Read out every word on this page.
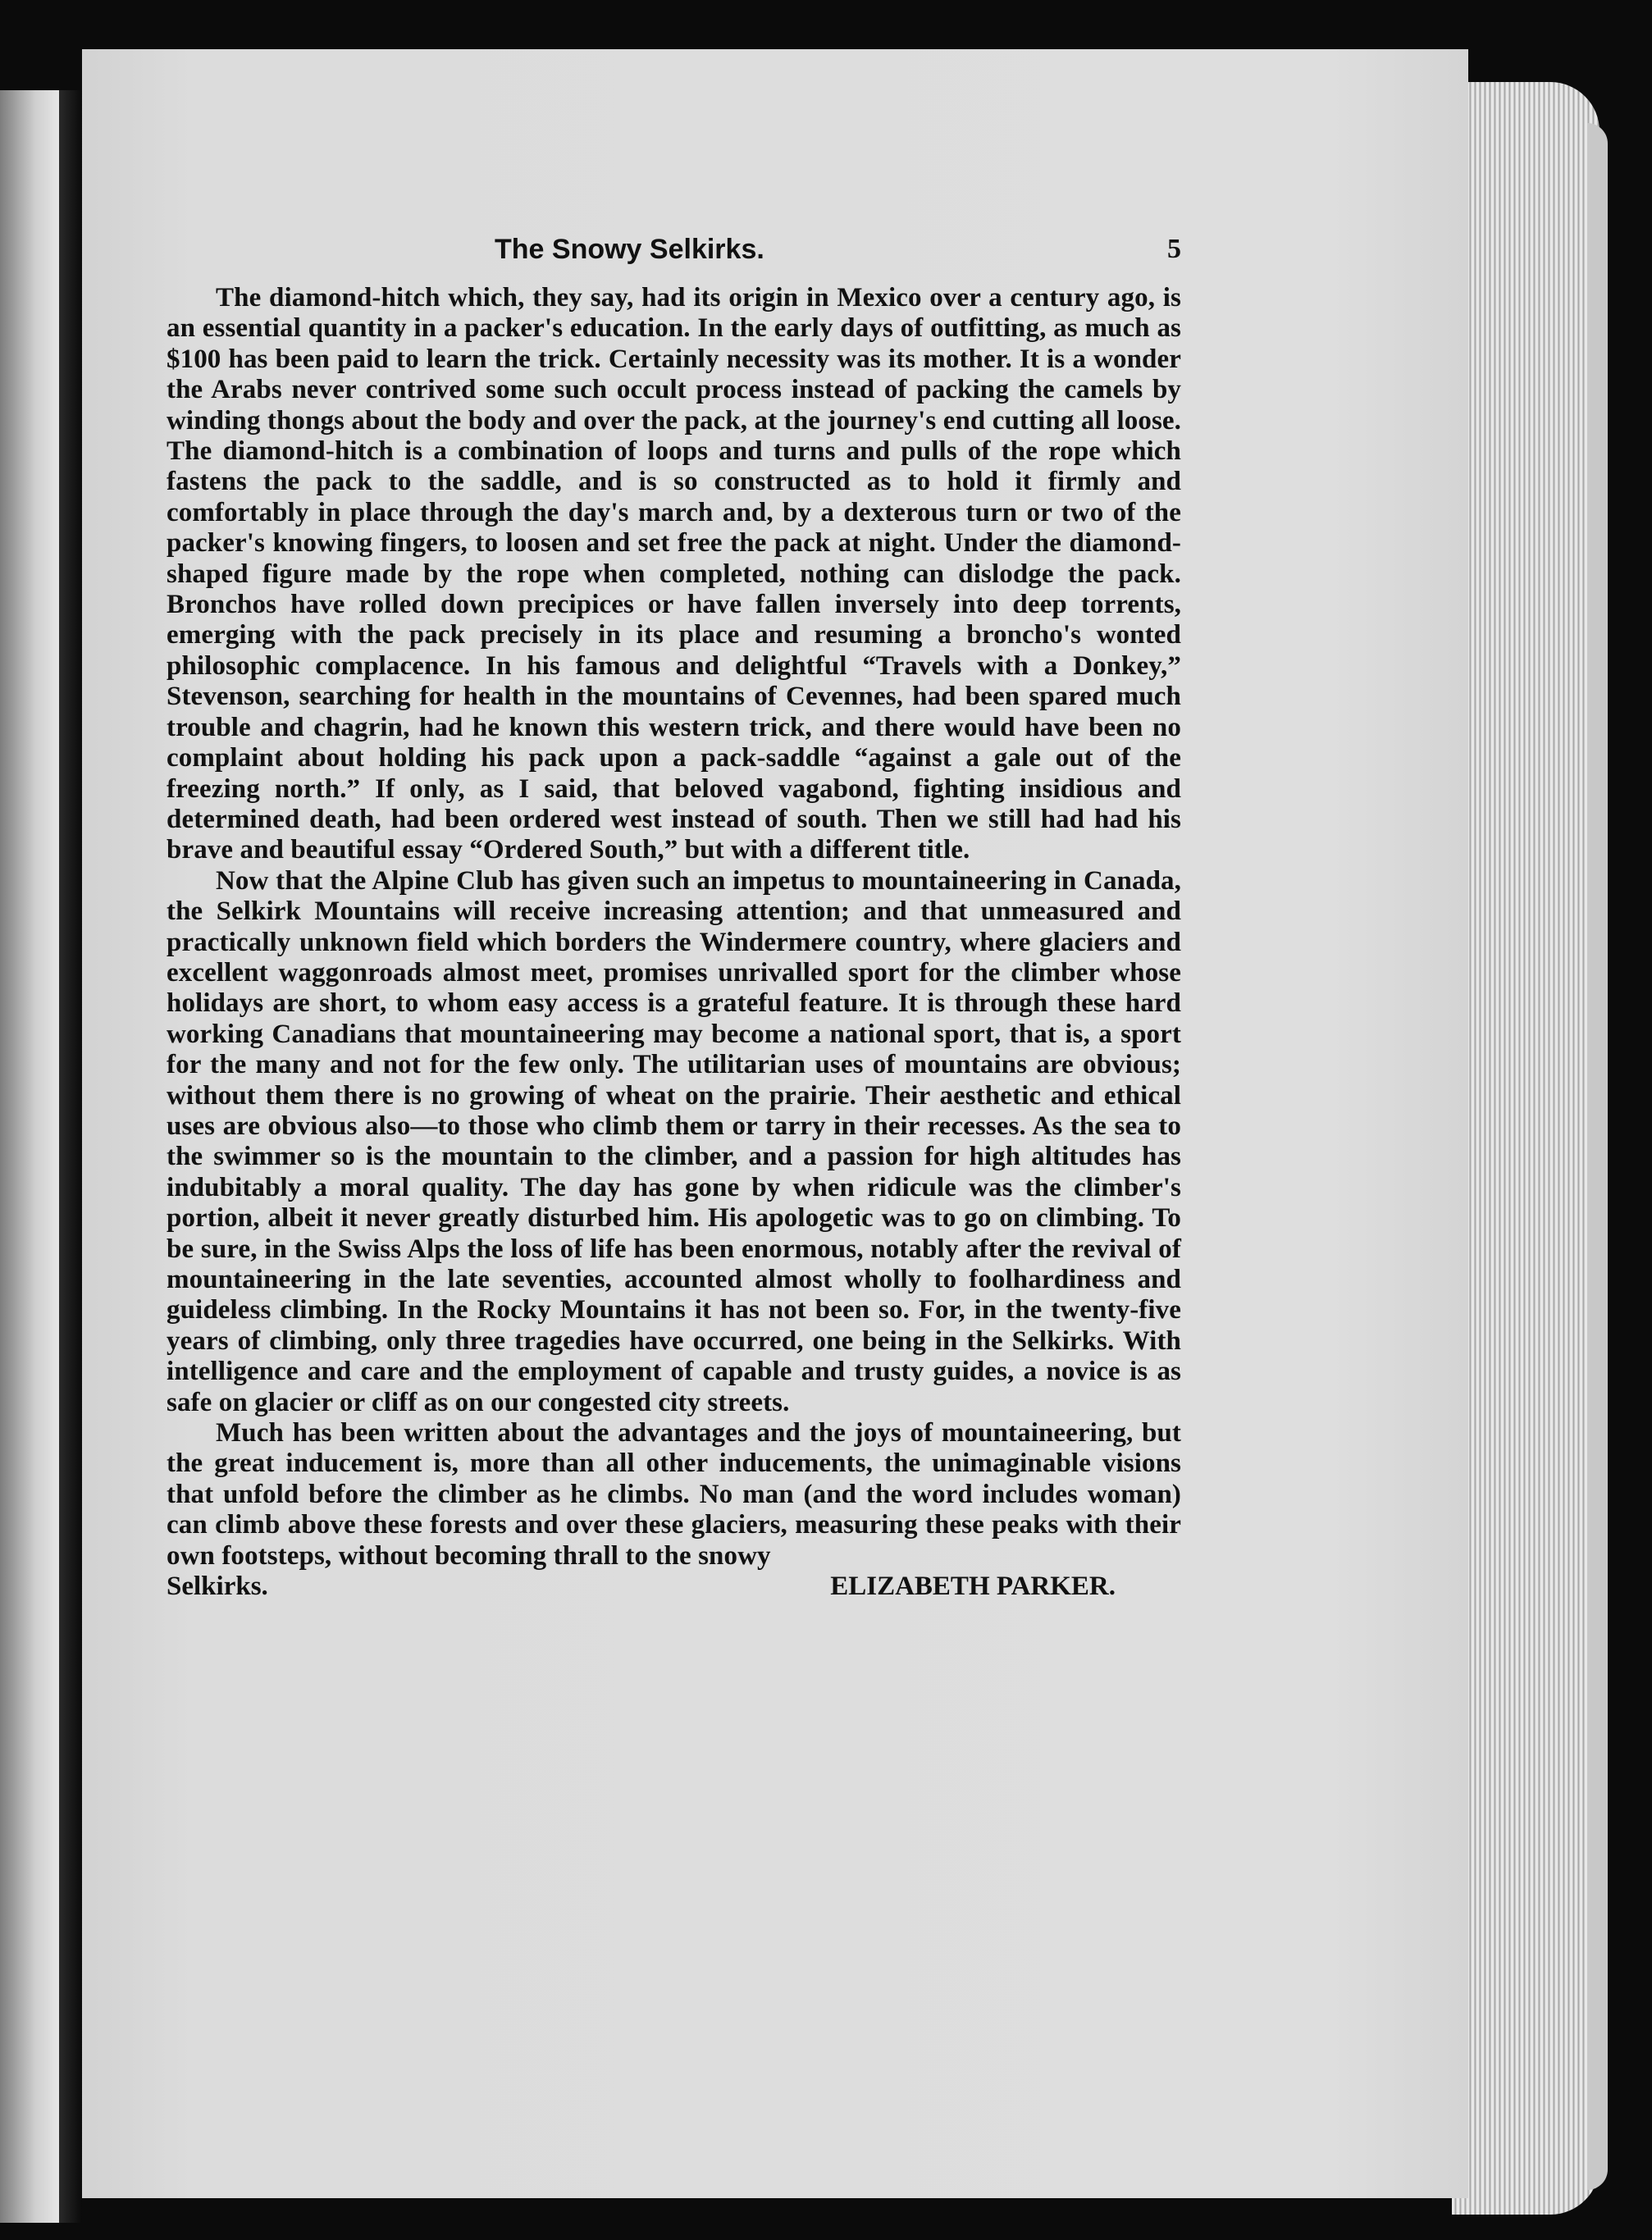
The Snowy Selkirks.	5

The diamond-hitch which, they say, had its origin in Mexico over a century ago, is an essential quantity in a packer's education. In the early days of outfitting, as much as $100 has been paid to learn the trick. Certainly necessity was its mother. It is a wonder the Arabs never contrived some such occult process instead of packing the camels by winding thongs about the body and over the pack, at the journey's end cutting all loose. The diamond-hitch is a combination of loops and turns and pulls of the rope which fastens the pack to the saddle, and is so constructed as to hold it firmly and comfortably in place through the day's march and, by a dexterous turn or two of the packer's knowing fingers, to loosen and set free the pack at night. Under the diamond-shaped figure made by the rope when completed, nothing can dislodge the pack. Bronchos have rolled down precipices or have fallen inversely into deep torrents, emerging with the pack precisely in its place and resuming a broncho's wonted philosophic complacence. In his famous and delightful “Travels with a Donkey,” Stevenson, searching for health in the mountains of Cevennes, had been spared much trouble and chagrin, had he known this western trick, and there would have been no complaint about holding his pack upon a pack-saddle “against a gale out of the freezing north.” If only, as I said, that beloved vagabond, fighting insidious and determined death, had been ordered west instead of south. Then we still had had his brave and beautiful essay “Ordered South,” but with a different title.

Now that the Alpine Club has given such an impetus to mountaineering in Canada, the Selkirk Mountains will receive increasing attention; and that unmeasured and practically unknown field which borders the Windermere country, where glaciers and excellent waggonroads almost meet, promises unrivalled sport for the climber whose holidays are short, to whom easy access is a grateful feature. It is through these hard working Canadians that mountaineering may become a national sport, that is, a sport for the many and not for the few only. The utilitarian uses of mountains are obvious; without them there is no growing of wheat on the prairie. Their aesthetic and ethical uses are obvious also—to those who climb them or tarry in their recesses. As the sea to the swimmer so is the mountain to the climber, and a passion for high altitudes has indubitably a moral quality. The day has gone by when ridicule was the climber's portion, albeit it never greatly disturbed him. His apologetic was to go on climbing. To be sure, in the Swiss Alps the loss of life has been enormous, notably after the revival of mountaineering in the late seventies, accounted almost wholly to foolhardiness and guideless climbing. In the Rocky Mountains it has not been so. For, in the twenty-five years of climbing, only three tragedies have occurred, one being in the Selkirks. With intelligence and care and the employment of capable and trusty guides, a novice is as safe on glacier or cliff as on our congested city streets.

Much has been written about the advantages and the joys of mountaineering, but the great inducement is, more than all other inducements, the unimaginable visions that unfold before the climber as he climbs. No man (and the word includes woman) can climb above these forests and over these glaciers, measuring these peaks with their own footsteps, without becoming thrall to the snowy

Selkirks.	ELIZABETH PARKER.
